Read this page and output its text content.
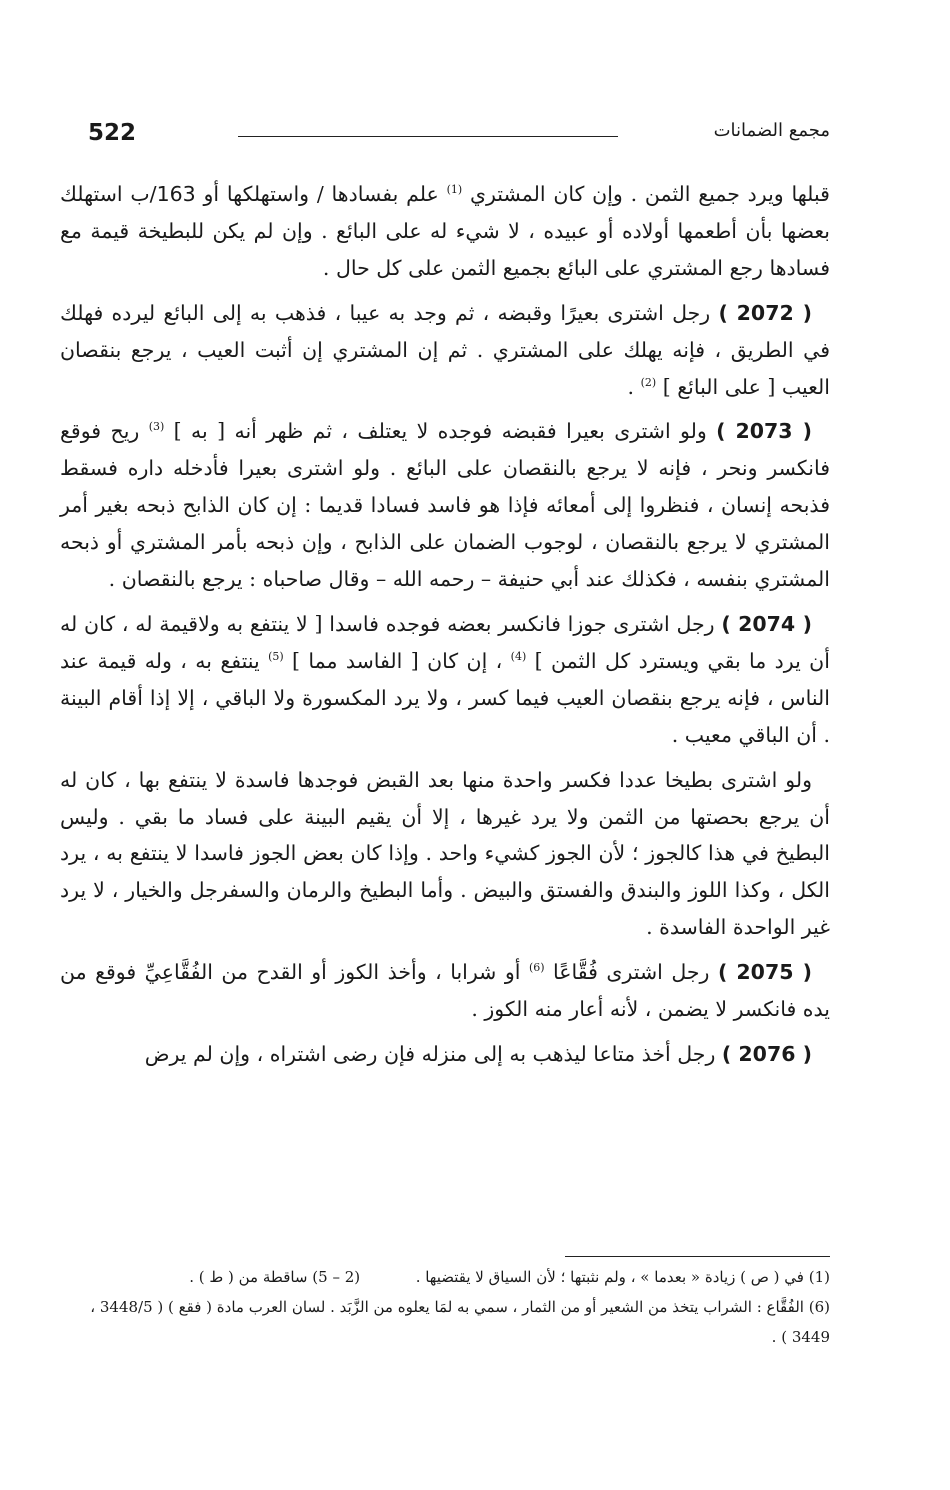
522	مجمع الضمانات

قبلها ويرد جميع الثمن . وإن كان المشتري $^{(1)}$ علم بفسادها / واستهلكها أو 163/ب استهلك بعضها بأن أطعمها أولاده أو عبيده ، لا شيء له على البائع . وإن لم يكن للبطيخة قيمة مع فسادها رجع المشتري على البائع بجميع الثمن على كل حال .

( 2072 ) رجل اشترى بعيرًا وقبضه ، ثم وجد به عيبا ، فذهب به إلى البائع ليرده فهلك في الطريق ، فإنه يهلك على المشتري . ثم إن المشتري إن أثبت العيب ، يرجع بنقصان العيب [ على البائع ] $^{(2)}$ .

( 2073 ) ولو اشترى بعيرا فقبضه فوجده لا يعتلف ، ثم ظهر أنه [ به ] $^{(3)}$ ريح فوقع فانكسر ونحر ، فإنه لا يرجع بالنقصان على البائع . ولو اشترى بعيرا فأدخله داره فسقط فذبحه إنسان ، فنظروا إلى أمعائه فإذا هو فاسد فسادا قديما : إن كان الذابح ذبحه بغير أمر المشتري لا يرجع بالنقصان ، لوجوب الضمان على الذابح ، وإن ذبحه بأمر المشتري أو ذبحه المشتري بنفسه ، فكذلك عند أبي حنيفة – رحمه الله – وقال صاحباه : يرجع بالنقصان .

( 2074 ) رجل اشترى جوزا فانكسر بعضه فوجده فاسدا [ لا ينتفع به ولاقيمة له ، كان له أن يرد ما بقي ويسترد كل الثمن ] $^{(4)}$ ، إن كان [ الفاسد مما ] $^{(5)}$ ينتفع به ، وله قيمة عند الناس ، فإنه يرجع بنقصان العيب فيما كسر ، ولا يرد المكسورة ولا الباقي ، إلا إذا أقام البينة . أن الباقي معيب .

ولو اشترى بطيخا عددا فكسر واحدة منها بعد القبض فوجدها فاسدة لا ينتفع بها ، كان له أن يرجع بحصتها من الثمن ولا يرد غيرها ، إلا أن يقيم البينة على فساد ما بقي . وليس البطيخ في هذا كالجوز ؛ لأن الجوز كشيء واحد . وإذا كان بعض الجوز فاسدا لا ينتفع به ، يرد الكل ، وكذا اللوز والبندق والفستق والبيض . وأما البطيخ والرمان والسفرجل والخيار ، لا يرد غير الواحدة الفاسدة .

( 2075 ) رجل اشترى فُقَّاعًا $^{(6)}$ أو شرابا ، وأخذ الكوز أو القدح من الفُقَّاعِيِّ فوقع من يده فانكسر لا يضمن ، لأنه أعار منه الكوز .

( 2076 ) رجل أخذ متاعا ليذهب به إلى منزله فإن رضى اشتراه ، وإن لم يرض

(1) في ( ص ) زيادة « بعدما » ، ولم نثبتها ؛ لأن السياق لا يقتضيها .  (2 – 5) ساقطة من ( ط ) .

(6) الفُقَّاع : الشراب يتخذ من الشعير أو من الثمار ، سمي به لمَا يعلوه من الزَّبَد . لسان العرب مادة ( فقع ) ( 3448/5 ، 3449 ) .
